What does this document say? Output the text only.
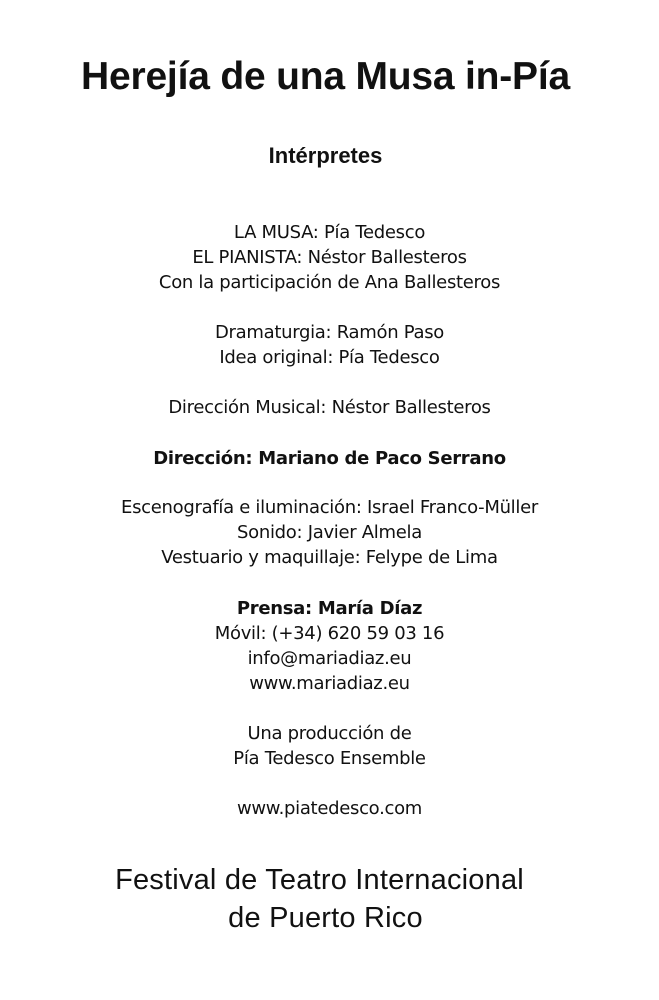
Herejía de una Musa in-Pía
Intérpretes
LA MUSA: Pía Tedesco
EL PIANISTA: Néstor Ballesteros
Con la participación de Ana Ballesteros
Dramaturgia: Ramón Paso
Idea original: Pía Tedesco
Dirección Musical: Néstor Ballesteros
Dirección: Mariano de Paco Serrano
Escenografía e iluminación: Israel Franco-Müller
Sonido: Javier Almela
Vestuario y maquillaje: Felype de Lima
Prensa: María Díaz
Móvil: (+34) 620 59 03 16
info@mariadiaz.eu
www.mariadiaz.eu
Una producción de
Pía Tedesco Ensemble
www.piatedesco.com
Festival de Teatro Internacional
de Puerto Rico
